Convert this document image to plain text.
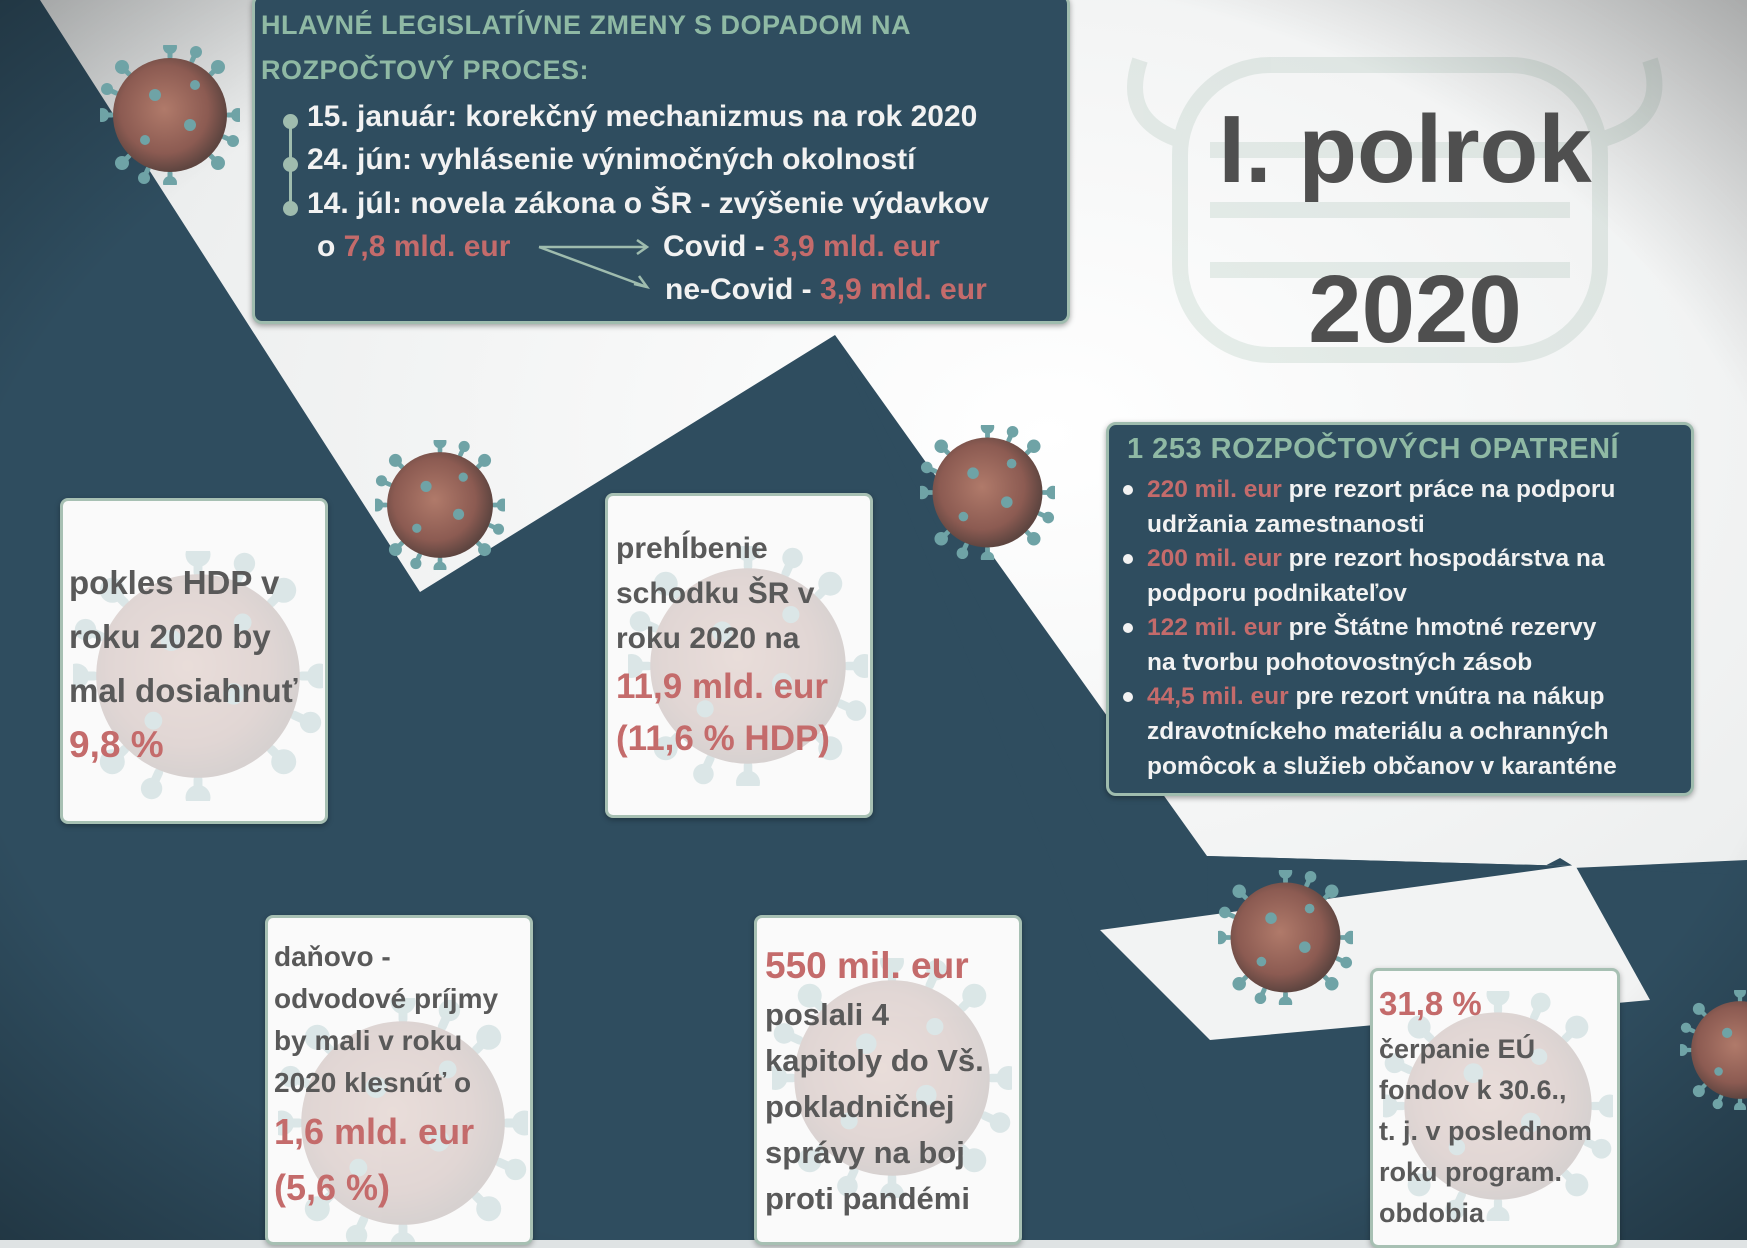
HLAVNÉ LEGISLATÍVNE ZMENY S DOPADOM NA
ROZPOČTOVÝ PROCES:
15. január: korekčný mechanizmus na rok 2020
24. jún: vyhlásenie výnimočných okolností
14. júl: novela zákona o ŠR - zvýšenie výdavkov
o 7,8 mld. eur	Covid - 3,9 mld. eur
ne-Covid - 3,9 mld. eur
I. polrok
2020
1 253 ROZPOČTOVÝCH OPATRENÍ
220 mil. eur pre rezort práce na podporu
udržania zamestnanosti
200 mil. eur pre rezort hospodárstva na
podporu podnikateľov
122 mil. eur pre Štátne hmotné rezervy
na tvorbu pohotovostných zásob
44,5 mil. eur pre rezort vnútra na nákup
zdravotníckeho materiálu a ochranných
pomôcok a služieb občanov v karanténe
pokles HDP v
roku 2020 by
mal dosiahnuť
9,8 %
prehĺbenie
schodku ŠR v
roku 2020 na
11,9 mld. eur
(11,6 % HDP)
daňovo -
odvodové príjmy
by mali v roku
2020 klesnúť o
1,6 mld. eur
(5,6 %)
550 mil. eur
poslali 4
kapitoly do Vš.
pokladničnej
správy na boj
proti pandémi
31,8 %
čerpanie EÚ
fondov k 30.6.,
t. j. v poslednom
roku program.
obdobia
